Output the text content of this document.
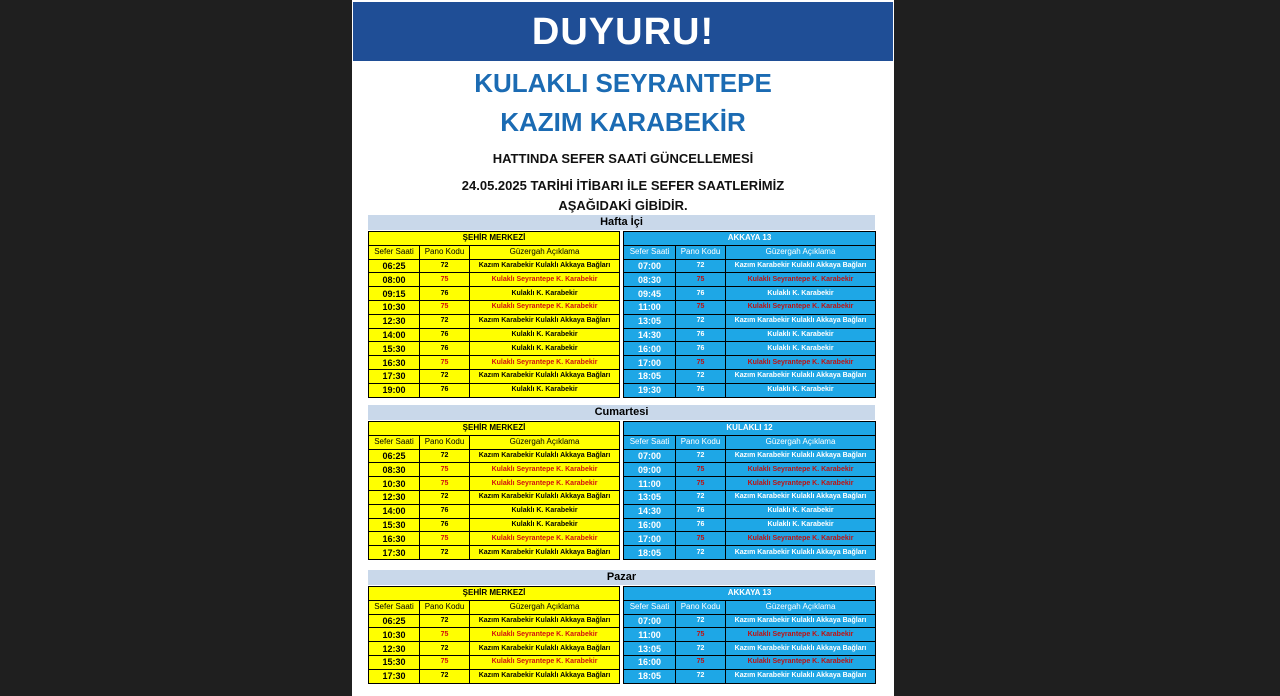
DUYURU!
KULAKLI SEYRANTEPE
KAZIM KARABEKİR
HATTINDA SEFER SAATİ GÜNCELLEMESİ
24.05.2025 TARİHİ İTİBARI İLE SEFER SAATLERİMİZ
AŞAĞIDAKİ GİBİDİR.
Hafta İçi
ŞEHİR MERKEZİ		
Sefer Saati	Pano Kodu	Güzergah Açıklama
06:25	72	Kazım Karabekir Kulaklı Akkaya Bağları
08:00	75	Kulaklı Seyrantepe K. Karabekir
09:15	76	Kulaklı K. Karabekir
10:30	75	Kulaklı Seyrantepe K. Karabekir
12:30	72	Kazım Karabekir Kulaklı Akkaya Bağları
14:00	76	Kulaklı K. Karabekir
15:30	76	Kulaklı K. Karabekir
16:30	75	Kulaklı Seyrantepe K. Karabekir
17:30	72	Kazım Karabekir Kulaklı Akkaya Bağları
19:00	76	Kulaklı K. Karabekir
AKKAYA 13		
Sefer Saati	Pano Kodu	Güzergah Açıklama
07:00	72	Kazım Karabekir Kulaklı Akkaya Bağları
08:30	75	Kulaklı Seyrantepe K. Karabekir
09:45	76	Kulaklı K. Karabekir
11:00	75	Kulaklı Seyrantepe K. Karabekir
13:05	72	Kazım Karabekir Kulaklı Akkaya Bağları
14:30	76	Kulaklı K. Karabekir
16:00	76	Kulaklı K. Karabekir
17:00	75	Kulaklı Seyrantepe K. Karabekir
18:05	72	Kazım Karabekir Kulaklı Akkaya Bağları
19:30	76	Kulaklı K. Karabekir
Cumartesi
ŞEHİR MERKEZİ		
Sefer Saati	Pano Kodu	Güzergah Açıklama
06:25	72	Kazım Karabekir Kulaklı Akkaya Bağları
08:30	75	Kulaklı Seyrantepe K. Karabekir
10:30	75	Kulaklı Seyrantepe K. Karabekir
12:30	72	Kazım Karabekir Kulaklı Akkaya Bağları
14:00	76	Kulaklı K. Karabekir
15:30	76	Kulaklı K. Karabekir
16:30	75	Kulaklı Seyrantepe K. Karabekir
17:30	72	Kazım Karabekir Kulaklı Akkaya Bağları
KULAKLI 12		
Sefer Saati	Pano Kodu	Güzergah Açıklama
07:00	72	Kazım Karabekir Kulaklı Akkaya Bağları
09:00	75	Kulaklı Seyrantepe K. Karabekir
11:00	75	Kulaklı Seyrantepe K. Karabekir
13:05	72	Kazım Karabekir Kulaklı Akkaya Bağları
14:30	76	Kulaklı K. Karabekir
16:00	76	Kulaklı K. Karabekir
17:00	75	Kulaklı Seyrantepe K. Karabekir
18:05	72	Kazım Karabekir Kulaklı Akkaya Bağları
Pazar
ŞEHİR MERKEZİ		
Sefer Saati	Pano Kodu	Güzergah Açıklama
06:25	72	Kazım Karabekir Kulaklı Akkaya Bağları
10:30	75	Kulaklı Seyrantepe K. Karabekir
12:30	72	Kazım Karabekir Kulaklı Akkaya Bağları
15:30	75	Kulaklı Seyrantepe K. Karabekir
17:30	72	Kazım Karabekir Kulaklı Akkaya Bağları
AKKAYA 13		
Sefer Saati	Pano Kodu	Güzergah Açıklama
07:00	72	Kazım Karabekir Kulaklı Akkaya Bağları
11:00	75	Kulaklı Seyrantepe K. Karabekir
13:05	72	Kazım Karabekir Kulaklı Akkaya Bağları
16:00	75	Kulaklı Seyrantepe K. Karabekir
18:05	72	Kazım Karabekir Kulaklı Akkaya Bağları
